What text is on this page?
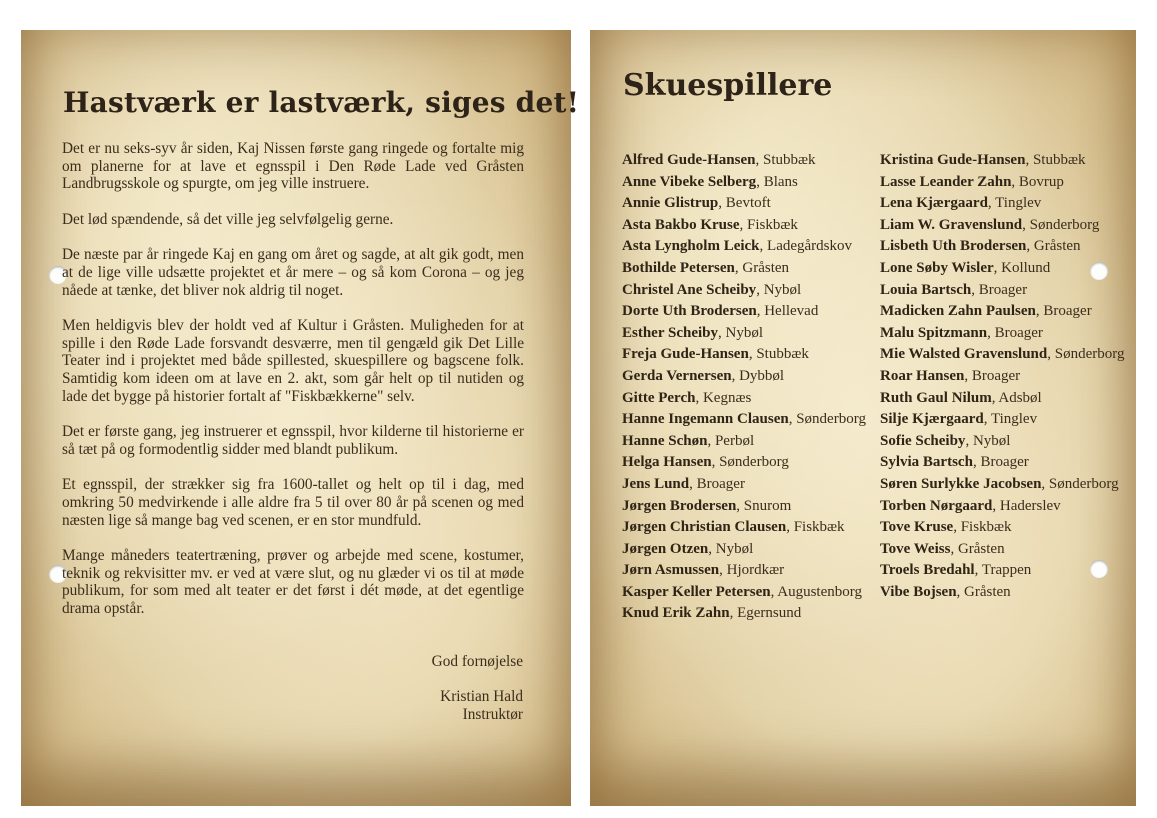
Hastværk er lastværk, siges det!

Det er nu seks-syv år siden, Kaj Nissen første gang ringede og fortalte mig om planerne for at lave et egnsspil i Den Røde Lade ved Gråsten Landbrugsskole og spurgte, om jeg ville instruere.

Det lød spændende, så det ville jeg selvfølgelig gerne.

De næste par år ringede Kaj en gang om året og sagde, at alt gik godt, men at de lige ville udsætte projektet et år mere – og så kom Corona – og jeg nåede at tænke, det bliver nok aldrig til noget.

Men heldigvis blev der holdt ved af Kultur i Gråsten. Muligheden for at spille i den Røde Lade forsvandt desværre, men til gengæld gik Det Lille Teater ind i projektet med både spillested, skuespillere og bagscene folk. Samtidig kom ideen om at lave en 2. akt, som går helt op til nutiden og lade det bygge på historier fortalt af "Fiskbækkerne" selv.

Det er første gang, jeg instruerer et egnsspil, hvor kilderne til historierne er så tæt på og formodentlig sidder med blandt publikum.

Et egnsspil, der strækker sig fra 1600-tallet og helt op til i dag, med omkring 50 medvirkende i alle aldre fra 5 til over 80 år på scenen og med næsten lige så mange bag ved scenen, er en stor mundfuld.

Mange måneders teatertræning, prøver og arbejde med scene, kostumer, teknik og rekvisitter mv. er ved at være slut, og nu glæder vi os til at møde publikum, for som med alt teater er det først i dét møde, at det egentlige drama opstår.

God fornøjelse

Kristian Hald

Instruktør

Skuespillere
Alfred Gude-Hansen, Stubbæk
Anne Vibeke Selberg, Blans
Annie Glistrup, Bevtoft
Asta Bakbo Kruse, Fiskbæk
Asta Lyngholm Leick, Ladegårdskov
Bothilde Petersen, Gråsten
Christel Ane Scheiby, Nybøl
Dorte Uth Brodersen, Hellevad
Esther Scheiby, Nybøl
Freja Gude-Hansen, Stubbæk
Gerda Vernersen, Dybbøl
Gitte Perch, Kegnæs
Hanne Ingemann Clausen, Sønderborg
Hanne Schøn, Perbøl
Helga Hansen, Sønderborg
Jens Lund, Broager
Jørgen Brodersen, Snurom
Jørgen Christian Clausen, Fiskbæk
Jørgen Otzen, Nybøl
Jørn Asmussen, Hjordkær
Kasper Keller Petersen, Augustenborg
Knud Erik Zahn, Egernsund
Kristina Gude-Hansen, Stubbæk
Lasse Leander Zahn, Bovrup
Lena Kjærgaard, Tinglev
Liam W. Gravenslund, Sønderborg
Lisbeth Uth Brodersen, Gråsten
Lone Søby Wisler, Kollund
Louia Bartsch, Broager
Madicken Zahn Paulsen, Broager
Malu Spitzmann, Broager
Mie Walsted Gravenslund, Sønderborg
Roar Hansen, Broager
Ruth Gaul Nilum, Adsbøl
Silje Kjærgaard, Tinglev
Sofie Scheiby, Nybøl
Sylvia Bartsch, Broager
Søren Surlykke Jacobsen, Sønderborg
Torben Nørgaard, Haderslev
Tove Kruse, Fiskbæk
Tove Weiss, Gråsten
Troels Bredahl, Trappen
Vibe Bojsen, Gråsten
